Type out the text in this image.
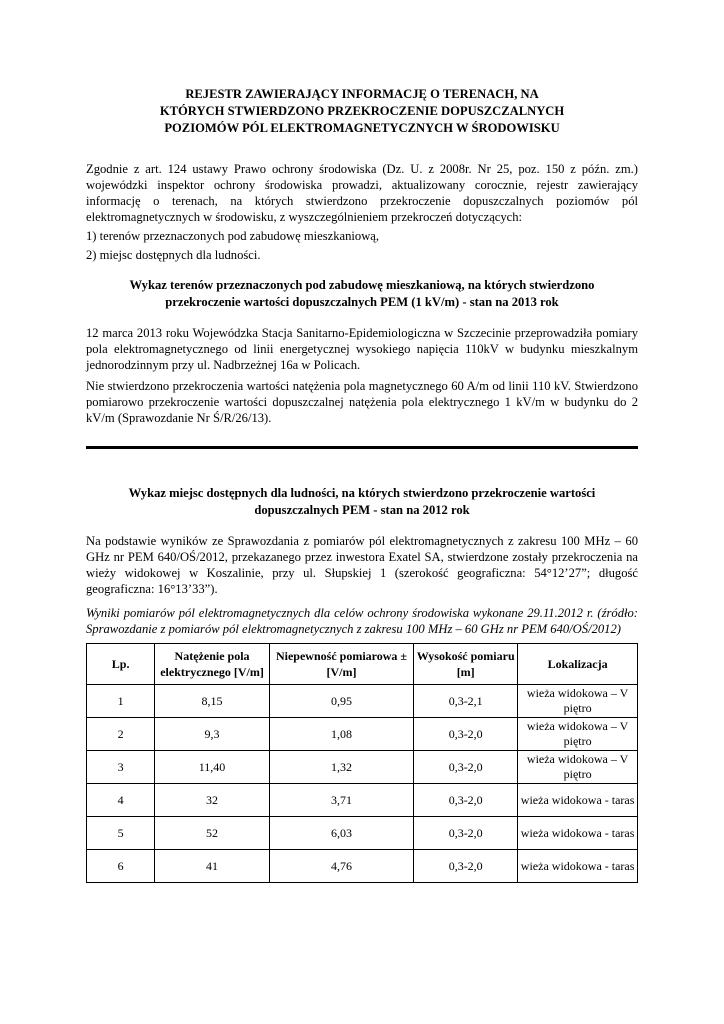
REJESTR ZAWIERAJĄCY INFORMACJĘ O TERENACH, NA KTÓRYCH STWIERDZONO PRZEKROCZENIE DOPUSZCZALNYCH POZIOMÓW PÓL ELEKTROMAGNETYCZNYCH W ŚRODOWISKU

Zgodnie z art. 124 ustawy Prawo ochrony środowiska (Dz. U. z 2008r. Nr 25, poz. 150 z późn. zm.) wojewódzki inspektor ochrony środowiska prowadzi, aktualizowany corocznie, rejestr zawierający informację o terenach, na których stwierdzono przekroczenie dopuszczalnych poziomów pól elektromagnetycznych w środowisku, z wyszczególnieniem przekroczeń dotyczących:

1) terenów przeznaczonych pod zabudowę mieszkaniową,

2) miejsc dostępnych dla ludności.

Wykaz terenów przeznaczonych pod zabudowę mieszkaniową, na których stwierdzono przekroczenie wartości dopuszczalnych PEM (1 kV/m) - stan na 2013 rok

12 marca 2013 roku Wojewódzka Stacja Sanitarno-Epidemiologiczna w Szczecinie przeprowadziła pomiary pola elektromagnetycznego od linii energetycznej wysokiego napięcia 110kV w budynku mieszkalnym jednorodzinnym przy ul. Nadbrzeżnej 16a w Policach.

Nie stwierdzono przekroczenia wartości natężenia pola magnetycznego 60 A/m od linii 110 kV. Stwierdzono pomiarowo przekroczenie wartości dopuszczalnej natężenia pola elektrycznego 1 kV/m w budynku do 2 kV/m (Sprawozdanie Nr Ś/R/26/13).

Wykaz miejsc dostępnych dla ludności, na których stwierdzono przekroczenie wartości dopuszczalnych PEM - stan na 2012 rok

Na podstawie wyników ze Sprawozdania z pomiarów pól elektromagnetycznych z zakresu 100 MHz – 60 GHz nr PEM 640/OŚ/2012, przekazanego przez inwestora Exatel SA, stwierdzone zostały przekroczenia na wieży widokowej w Koszalinie, przy ul. Słupskiej 1 (szerokość geograficzna: 54°12’27”; długość geograficzna: 16°13’33”).

Wyniki pomiarów pól elektromagnetycznych dla celów ochrony środowiska wykonane 29.11.2012 r. (źródło: Sprawozdanie z pomiarów pól elektromagnetycznych z zakresu 100 MHz – 60 GHz nr PEM 640/OŚ/2012)

Lp.	Natężenie pola elektrycznego [V/m]	Niepewność pomiarowa ± [V/m]	Wysokość pomiaru [m]	Lokalizacja
1	8,15	0,95	0,3-2,1	wieża widokowa – V piętro
2	9,3	1,08	0,3-2,0	wieża widokowa – V piętro
3	11,40	1,32	0,3-2,0	wieża widokowa – V piętro
4	32	3,71	0,3-2,0	wieża widokowa - taras
5	52	6,03	0,3-2,0	wieża widokowa - taras
6	41	4,76	0,3-2,0	wieża widokowa - taras
